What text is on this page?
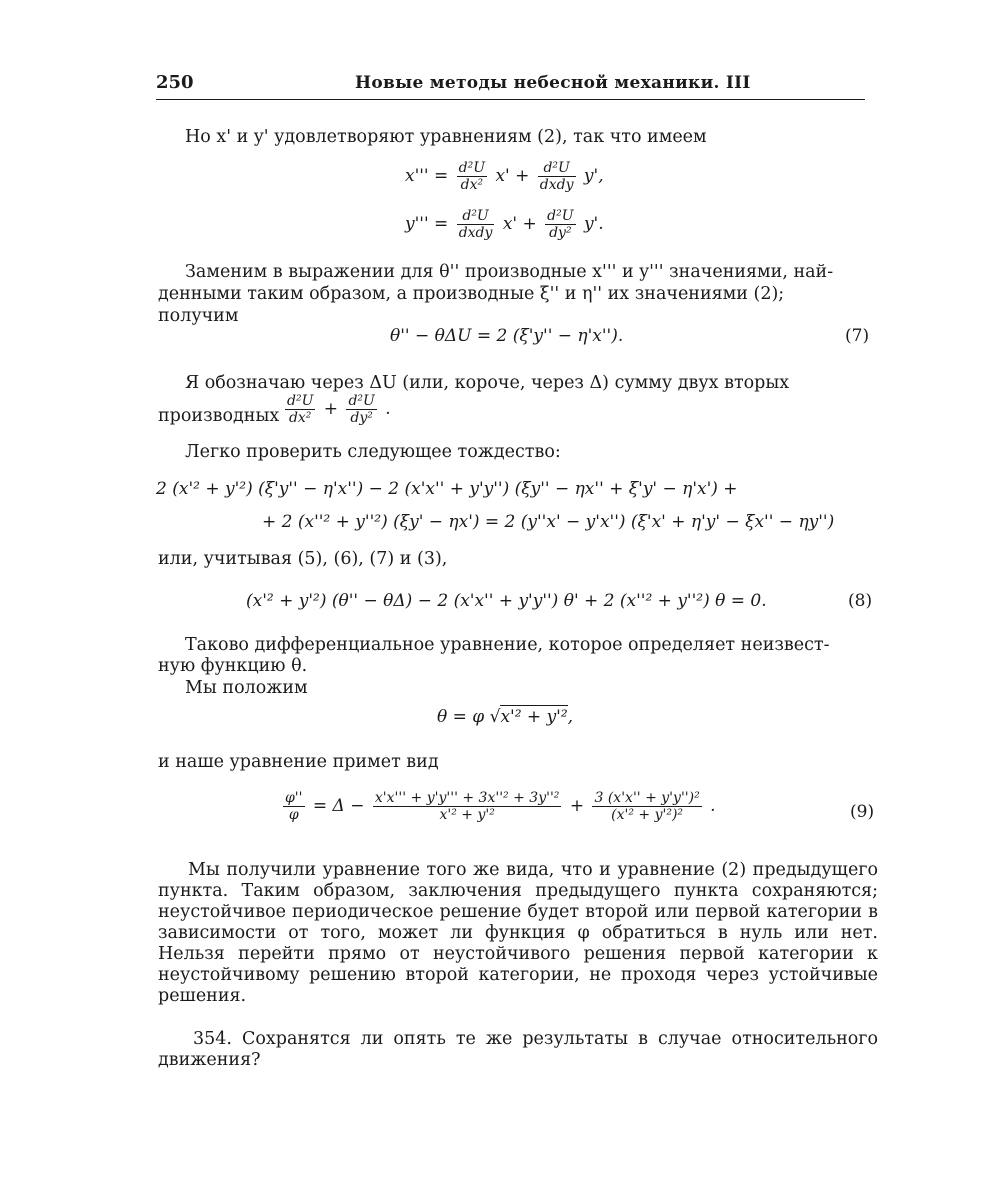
250	Новые методы небесной механики. III
Но x' и y' удовлетворяют уравнениям (2), так что имеем
$x''' = \frac{\text{d²U}}{\text{dx²}} x' + \frac{\text{d²U}}{\text{dxdy}} y'$,
$y''' = \frac{\text{d²U}}{\text{dxdy}} x' + \frac{\text{d²U}}{\text{dy²}} y'$.
Заменим в выражении для θ'' производные x''' и y''' значениями, най-
денными таким образом, а производные ξ'' и η'' их значениями (2);
получим
θ'' − θΔU = 2 (ξ'y'' − η'x'').	(7)
Я обозначаю через ΔU (или, короче, через Δ) сумму двух вторых
производных $\frac{\text{d²U}}{\text{dx²}} + \frac{\text{d²U}}{\text{dy²}}$ .
Легко проверить следующее тождество:
2 (x'² + y'²) (ξ'y'' − η'x'') − 2 (x'x'' + y'y'') (ξy'' − ηx'' + ξ'y' − η'x') +
+ 2 (x''² + y''²) (ξy' − ηx') = 2 (y''x' − y'x'') (ξ'x' + η'y' − ξx'' − ηy'')
или, учитывая (5), (6), (7) и (3),
(x'² + y'²) (θ'' − θΔ) − 2 (x'x'' + y'y'') θ' + 2 (x''² + y''²) θ = 0.	(8)
Таково дифференциальное уравнение, которое определяет неизвест-
ную функцию θ.
Мы положим
θ = φ √x'² + y'²,
и наше уравнение примет вид
$\frac{\varphi''}{\varphi} = \Delta - \frac{\text{x'x''' + y'y''' + 3x''² + 3y''²}}{\text{x'² + y'²}} + \frac{\text{3 (x'x'' + y'y'')²}}{\text{(x'² + y'²)²}}$ .	(9)
Мы получили уравнение того же вида, что и уравнение (2) предыдущего пункта. Таким образом, заключения предыдущего пункта сохраняются; неустойчивое периодическое решение будет второй или первой категории в зависимости от того, может ли функция φ обратиться в нуль или нет. Нельзя перейти прямо от неустойчивого решения первой категории к неустойчивому решению второй категории, не проходя через устойчивые решения.
354. Сохранятся ли опять те же результаты в случае относительного движения?
